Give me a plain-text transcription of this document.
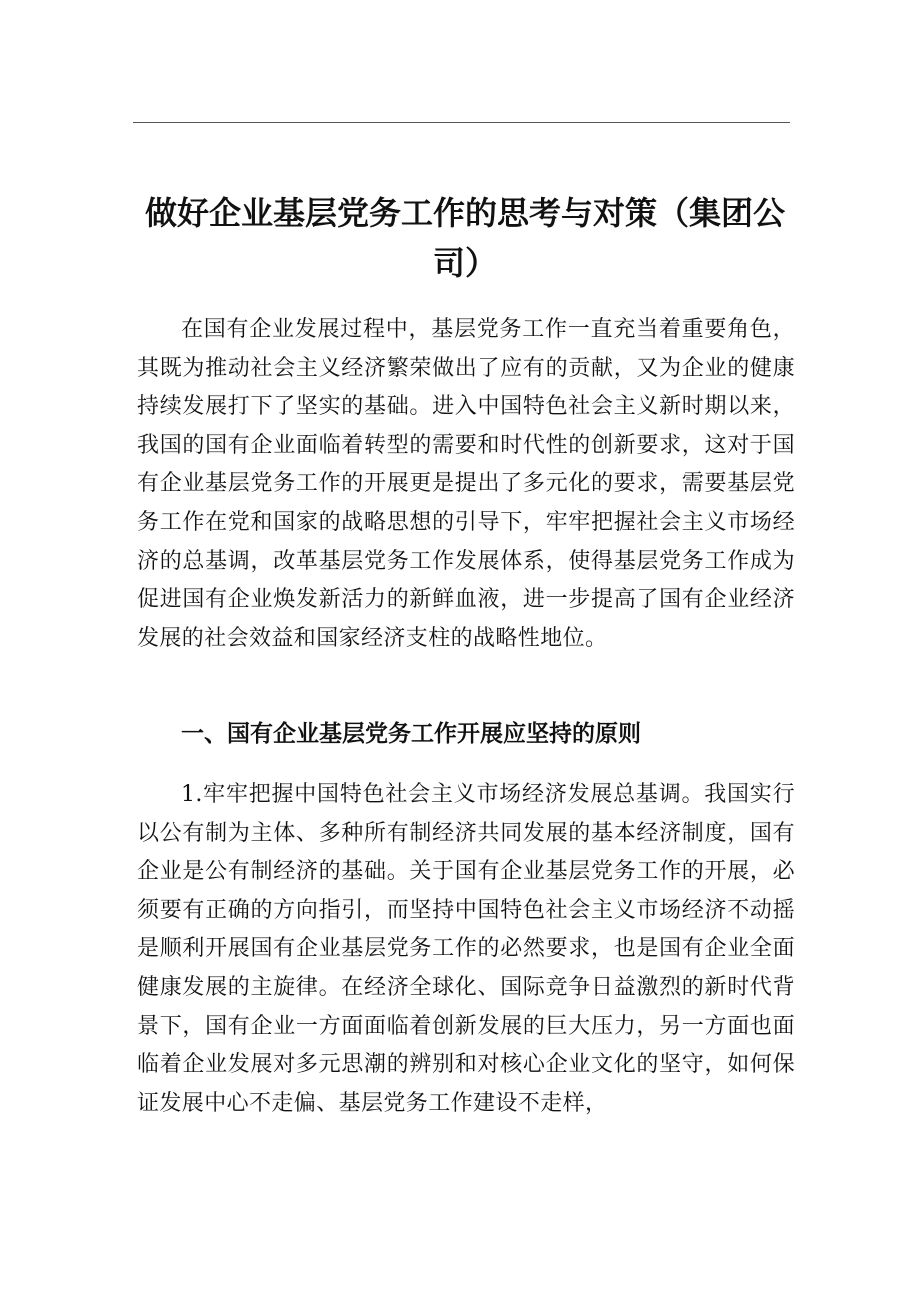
做好企业基层党务工作的思考与对策（集团公司）

在国有企业发展过程中，基层党务工作一直充当着重要角色，其既为推动社会主义经济繁荣做出了应有的贡献，又为企业的健康持续发展打下了坚实的基础。进入中国特色社会主义新时期以来，我国的国有企业面临着转型的需要和时代性的创新要求，这对于国有企业基层党务工作的开展更是提出了多元化的要求，需要基层党务工作在党和国家的战略思想的引导下，牢牢把握社会主义市场经济的总基调，改革基层党务工作发展体系，使得基层党务工作成为促进国有企业焕发新活力的新鲜血液，进一步提高了国有企业经济发展的社会效益和国家经济支柱的战略性地位。

一、国有企业基层党务工作开展应坚持的原则

1.牢牢把握中国特色社会主义市场经济发展总基调。我国实行以公有制为主体、多种所有制经济共同发展的基本经济制度，国有企业是公有制经济的基础。关于国有企业基层党务工作的开展，必须要有正确的方向指引，而坚持中国特色社会主义市场经济不动摇是顺利开展国有企业基层党务工作的必然要求，也是国有企业全面健康发展的主旋律。在经济全球化、国际竞争日益激烈的新时代背景下，国有企业一方面面临着创新发展的巨大压力，另一方面也面临着企业发展对多元思潮的辨别和对核心企业文化的坚守，如何保证发展中心不走偏、基层党务工作建设不走样，
